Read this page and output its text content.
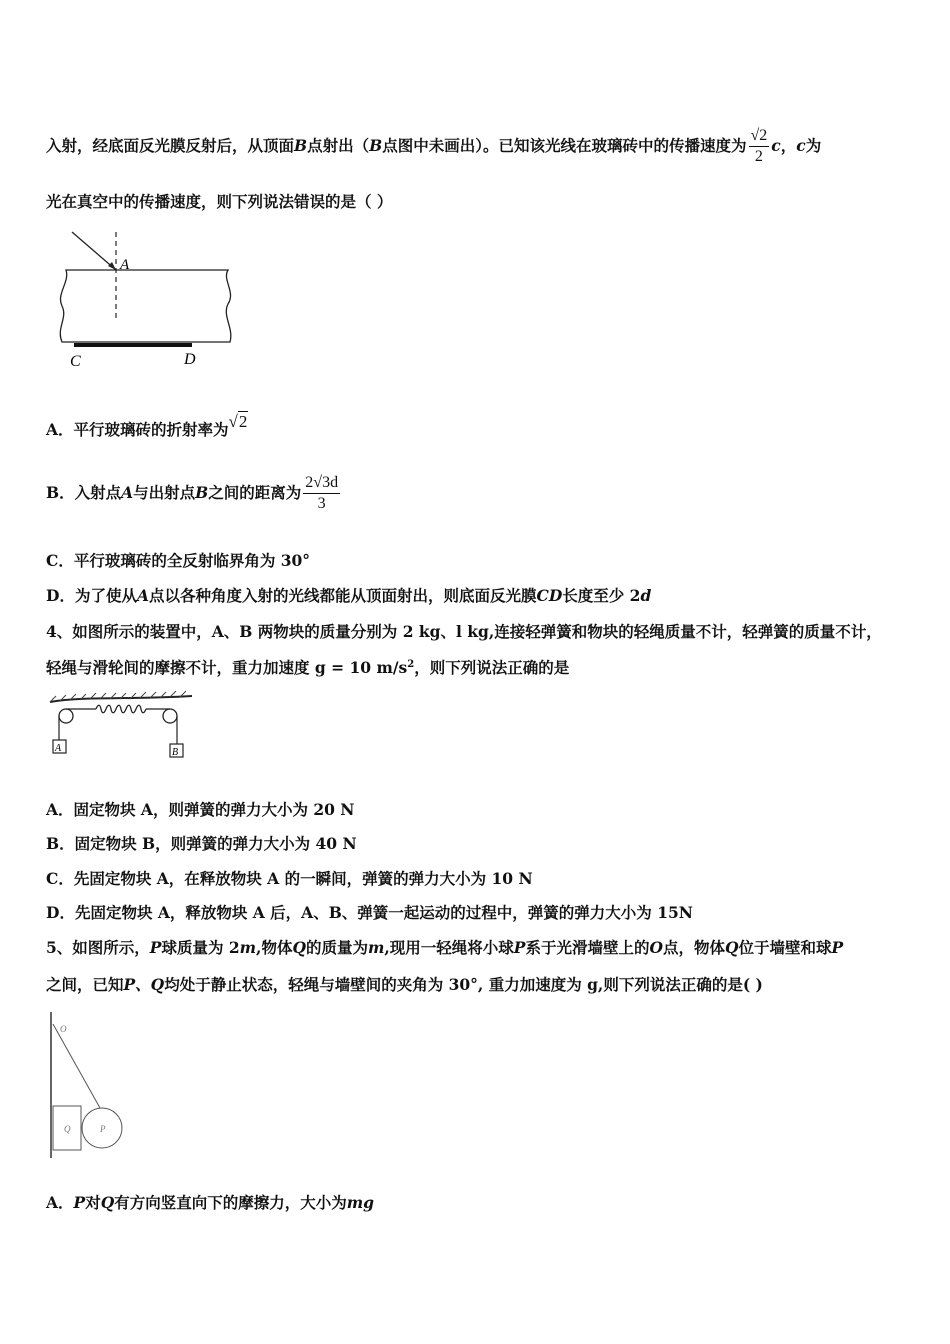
入射，经底面反光膜反射后，从顶面B点射出（B点图中未画出）。已知该光线在玻璃砖中的传播速度为 $\frac{√2}{2}$ c，c为
光在真空中的传播速度，则下列说法错误的是（ ）
A
C	D
A．平行玻璃砖的折射率为√2
B．入射点A与出射点B之间的距离为 $\frac{2√3d}{3}$
C．平行玻璃砖的全反射临界角为 30°
D．为了使从A点以各种角度入射的光线都能从顶面射出，则底面反光膜CD长度至少 2d
4、如图所示的装置中，A、B 两物块的质量分别为 2 kg、l kg,连接轻弹簧和物块的轻绳质量不计，轻弹簧的质量不计，
轻绳与滑轮间的摩擦不计，重力加速度 g = 10 $m/s^2$，则下列说法正确的是
A	B
A．固定物块 A，则弹簧的弹力大小为 20 N
B．固定物块 B，则弹簧的弹力大小为 40 N
C．先固定物块 A，在释放物块 A 的一瞬间，弹簧的弹力大小为 10 N
D．先固定物块 A，释放物块 A 后，A、B、弹簧一起运动的过程中，弹簧的弹力大小为 15N
5、如图所示，P球质量为 2m,物体Q的质量为m,现用一轻绳将小球P系于光滑墙壁上的O点，物体Q位于墙壁和球P
之间，已知P、Q均处于静止状态，轻绳与墙壁间的夹角为 30°, 重力加速度为 g,则下列说法正确的是( )
O
Q	P
A．P对Q有方向竖直向下的摩擦力，大小为mg
